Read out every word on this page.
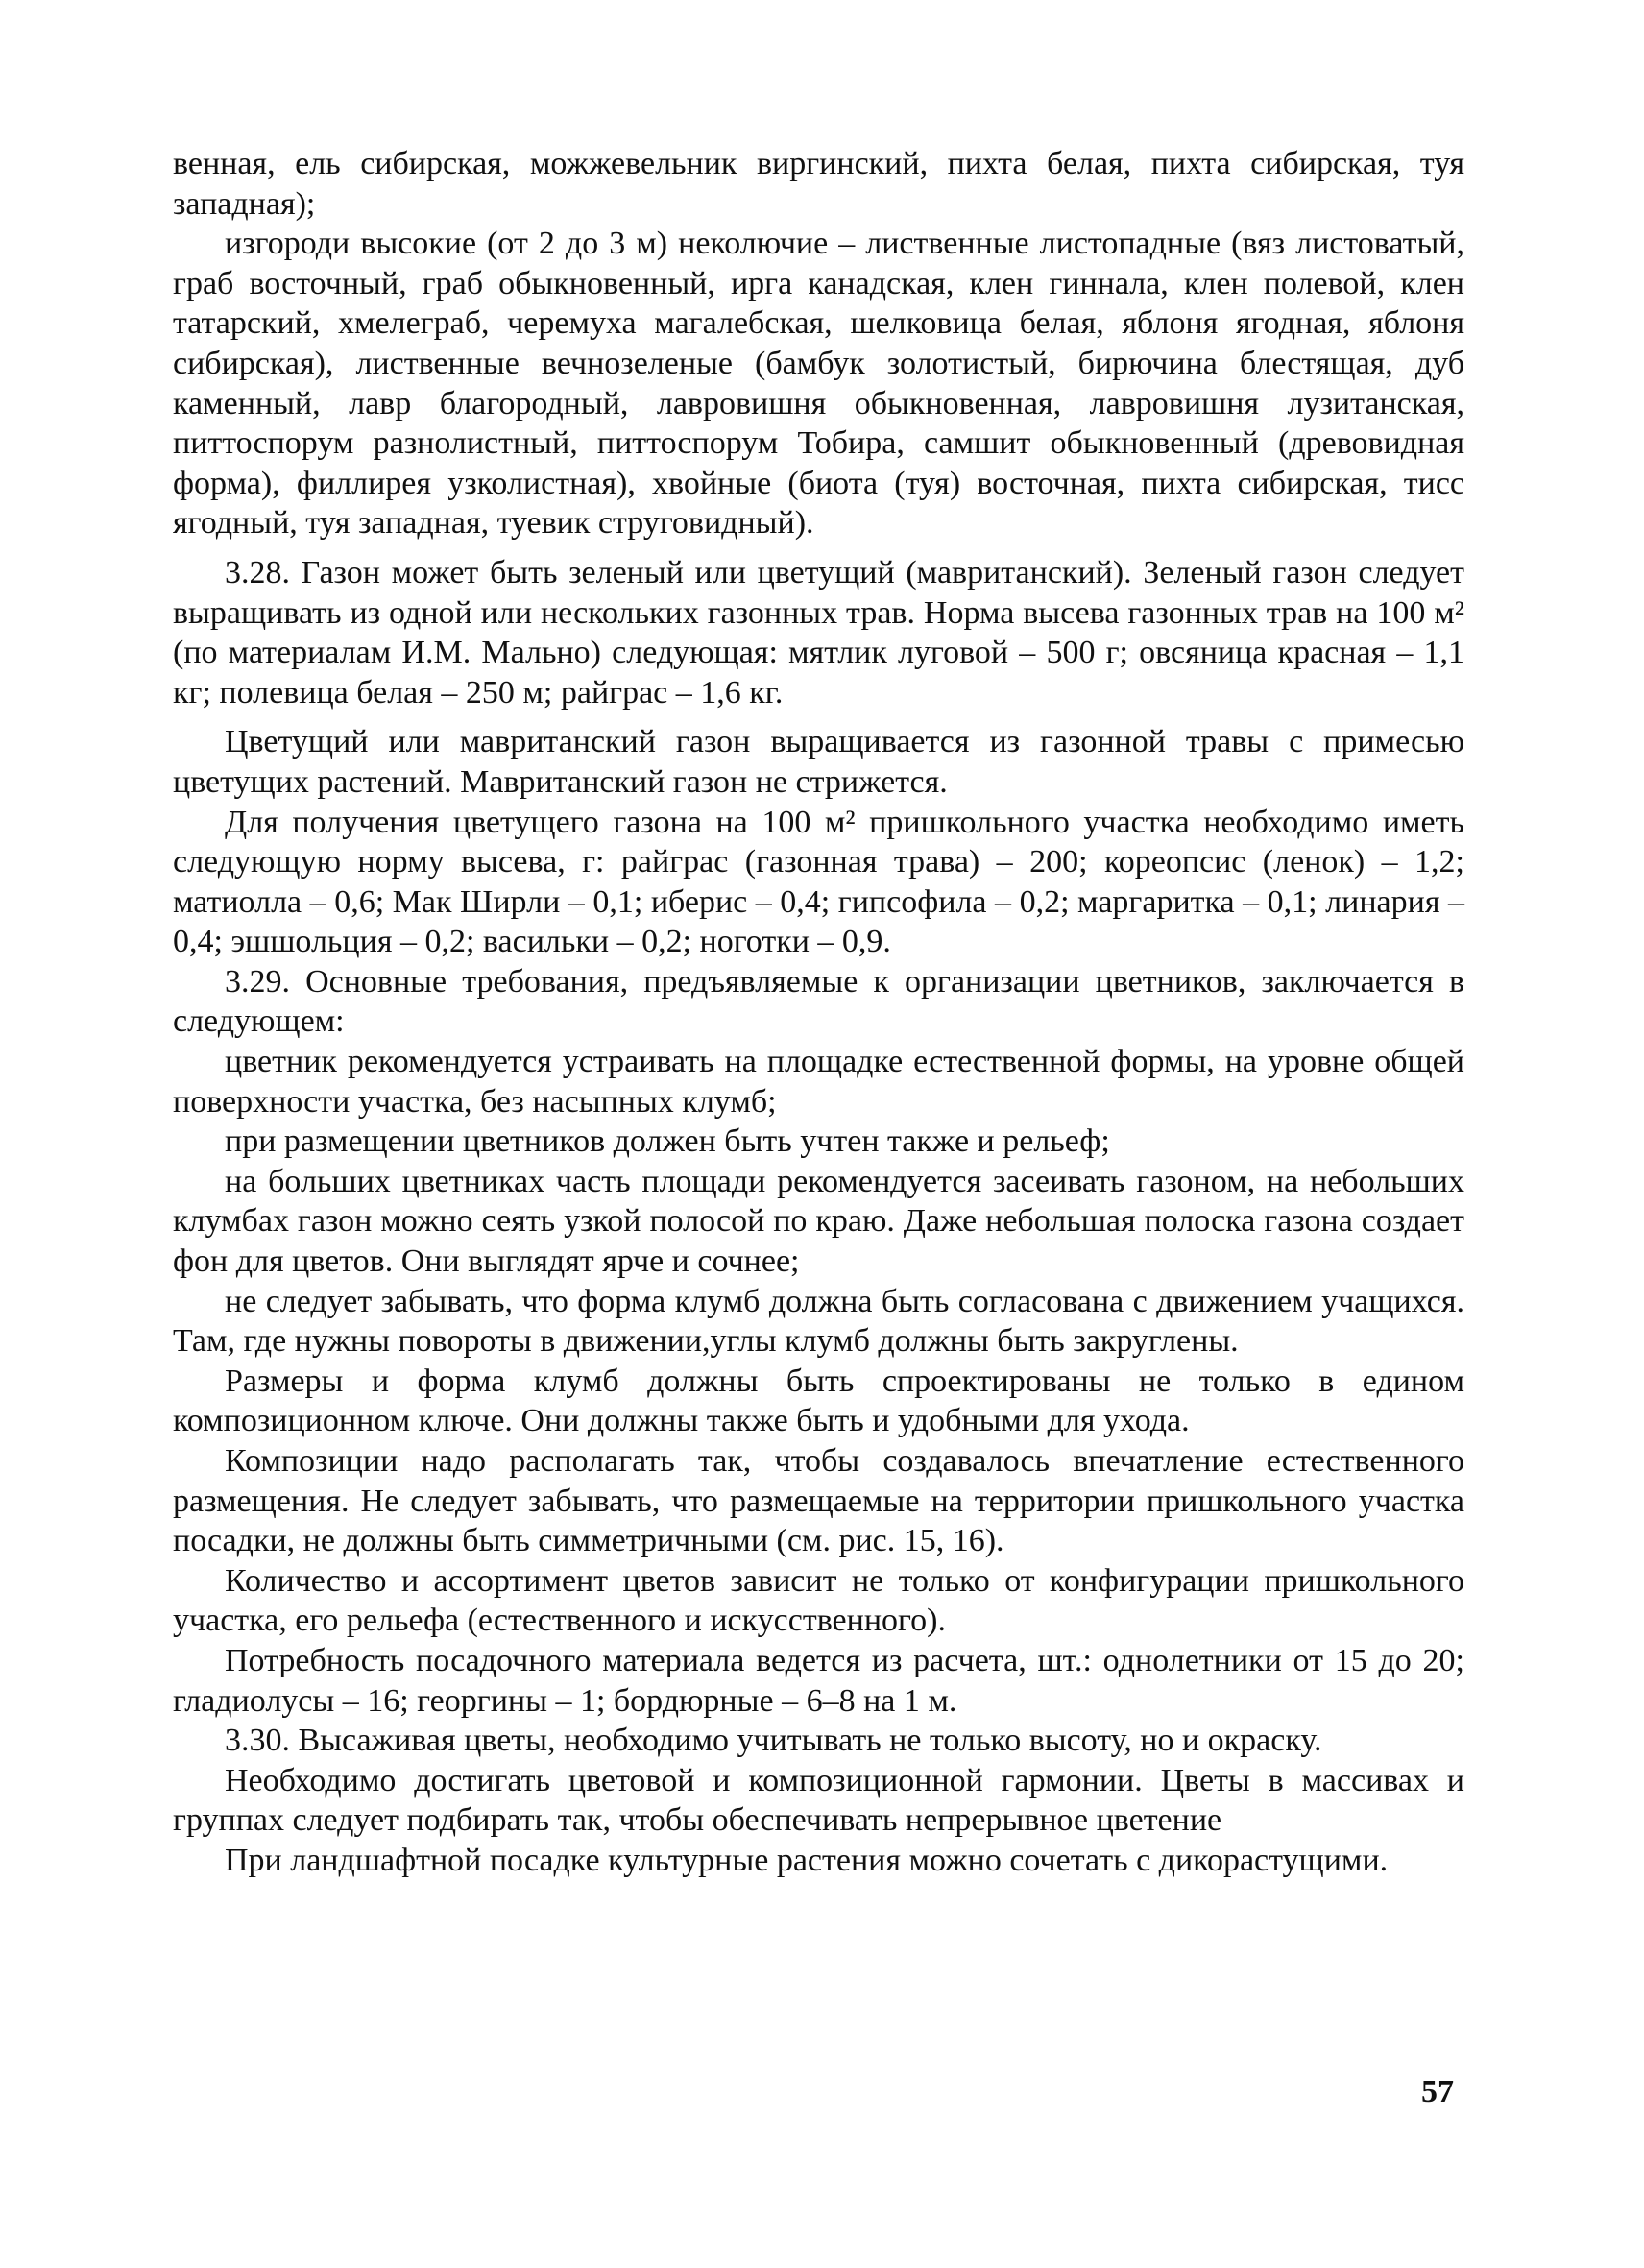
венная, ель сибирская, можжевельник виргинский, пихта белая, пихта сибирская, туя западная);

изгороди высокие (от 2 до 3 м) неколючие – лиственные листопадные (вяз листоватый, граб восточный, граб обыкновенный, ирга канадская, клен гиннала, клен полевой, клен татарский, хмелеграб, черемуха магалебская, шелковица белая, яблоня ягодная, яблоня сибирская), лиственные вечнозеленые (бамбук золотистый, бирючина блестящая, дуб каменный, лавр благородный, лавровишня обыкновенная, лавровишня лузитанская, питтоспорум разнолистный, питтоспорум Тобира, самшит обыкновенный (древовидная форма), филлирея узколистная), хвойные (биота (туя) восточная, пихта сибирская, тисс ягодный, туя западная, туевик струговидный).

3.28. Газон может быть зеленый или цветущий (мавританский). Зеленый газон следует выращивать из одной или нескольких газонных трав. Норма высева газонных трав на 100 м² (по материалам И.М. Мально) следующая: мятлик луговой – 500 г; овсяница красная – 1,1 кг; полевица белая – 250 м; райграс – 1,6 кг.

Цветущий или мавританский газон выращивается из газонной травы с примесью цветущих растений. Мавританский газон не стрижется.

Для получения цветущего газона на 100 м² пришкольного участка необходимо иметь следующую норму высева, г: райграс (газонная трава) – 200; кореопсис (ленок) – 1,2; матиолла – 0,6; Мак Ширли – 0,1; иберис – 0,4; гипсофила – 0,2; маргаритка – 0,1; линария – 0,4; эшшольция – 0,2; васильки – 0,2; ноготки – 0,9.

3.29. Основные требования, предъявляемые к организации цветников, заключается в следующем:

цветник рекомендуется устраивать на площадке естественной формы, на уровне общей поверхности участка, без насыпных клумб;

при размещении цветников должен быть учтен также и рельеф;

на больших цветниках часть площади рекомендуется засеивать газоном, на небольших клумбах газон можно сеять узкой полосой по краю. Даже небольшая полоска газона создает фон для цветов. Они выглядят ярче и сочнее;

не следует забывать, что форма клумб должна быть согласована с движением учащихся. Там, где нужны повороты в движении,углы клумб должны быть закруглены.

Размеры и форма клумб должны быть спроектированы не только в едином композиционном ключе. Они должны также быть и удобными для ухода.

Композиции надо располагать так, чтобы создавалось впечатление естественного размещения. Не следует забывать, что размещаемые на территории пришкольного участка посадки, не должны быть симметричными (см. рис. 15, 16).

Количество и ассортимент цветов зависит не только от конфигурации пришкольного участка, его рельефа (естественного и искусственного).

Потребность посадочного материала ведется из расчета, шт.: однолетники от 15 до 20; гладиолусы – 16; георгины – 1; бордюрные – 6–8 на 1 м.

3.30. Высаживая цветы, необходимо учитывать не только высоту, но и окраску.

Необходимо достигать цветовой и композиционной гармонии. Цветы в массивах и группах следует подбирать так, чтобы обеспечивать непрерывное цветение

При ландшафтной посадке культурные растения можно сочетать с дикорастущими.

57
